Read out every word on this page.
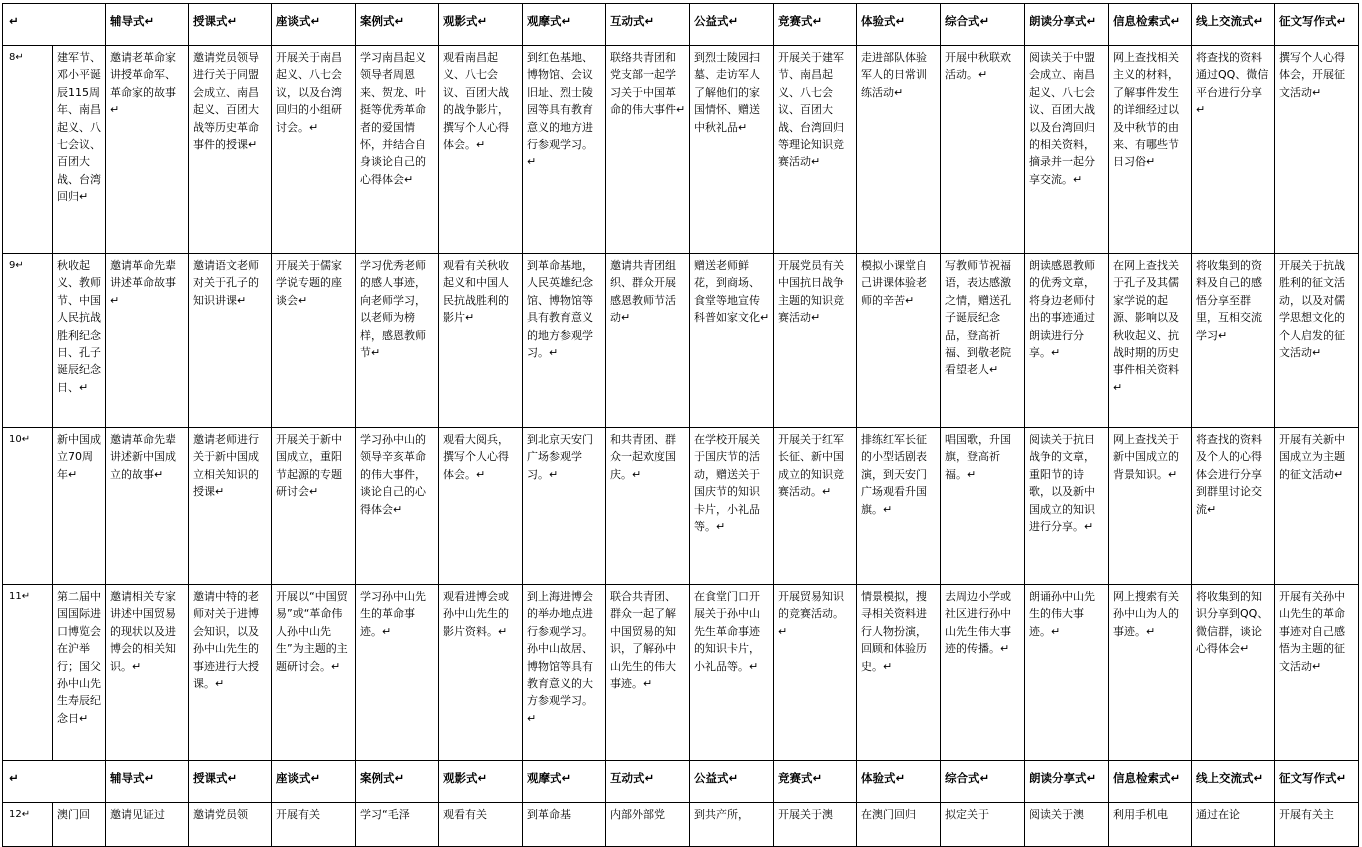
↵		辅导式↵	授课式↵	座谈式↵	案例式↵	观影式↵	观摩式↵	互动式↵	公益式↵	竞赛式↵	体验式↵	综合式↵	朗读分享式↵	信息检索式↵	线上交流式↵	征文写作式↵
8↵	建军节、邓小平诞辰115周年、南昌起义、八七会议、百团大战、台湾回归↵	邀请老革命家讲授革命军、革命家的故事↵	邀请党员领导进行关于同盟会成立、南昌起义、百团大战等历史革命事件的授课↵	开展关于南昌起义、八七会议，以及台湾回归的小组研讨会。↵	学习南昌起义领导者周恩来、贺龙、叶挺等优秀革命者的爱国情怀，并结合自身谈论自己的心得体会↵	观看南昌起义、八七会议、百团大战的战争影片，撰写个人心得体会。↵	到红色基地、博物馆、会议旧址、烈士陵园等具有教育意义的地方进行参观学习。↵	联络共青团和党支部一起学习关于中国革命的伟大事件↵	到烈士陵园扫墓、走访军人了解他们的家国情怀、赠送中秋礼品↵	开展关于建军节、南昌起义、八七会议、百团大战、台湾回归等理论知识竞赛活动↵	走进部队体验军人的日常训练活动↵	开展中秋联欢活动。↵	阅读关于中盟会成立、南昌起义、八七会议、百团大战以及台湾回归的相关资料，摘录并一起分享交流。↵	网上查找相关主义的材料，了解事件发生的详细经过以及中秋节的由来、有哪些节日习俗↵	将查找的资料通过QQ、微信平台进行分享↵	撰写个人心得体会，开展征文活动↵
9↵	秋收起义、教师节、中国人民抗战胜利纪念日、孔子诞辰纪念日、↵	邀请革命先辈讲述革命故事↵	邀请语文老师对关于孔子的知识讲课↵	开展关于儒家学说专题的座谈会↵	学习优秀老师的感人事迹，向老师学习，以老师为榜样，感恩教师节↵	观看有关秋收起义和中国人民抗战胜利的影片↵	到革命基地，人民英雄纪念馆、博物馆等具有教育意义的地方参观学习。↵	邀请共青团组织、群众开展感恩教师节活动↵	赠送老师鲜花，到商场、食堂等地宣传科普如家文化↵	开展党员有关中国抗日战争主题的知识竞赛活动↵	模拟小课堂自己讲课体验老师的辛苦↵	写教师节祝福语，表达感激之情，赠送孔子诞辰纪念品，登高祈福、到敬老院看望老人↵	朗读感恩教师的优秀文章，将身边老师付出的事迹通过朗读进行分享。↵	在网上查找关于孔子及其儒家学说的起源、影响以及秋收起义、抗战时期的历史事件相关资料↵	将收集到的资料及自己的感悟分享至群里，互相交流学习↵	开展关于抗战胜利的征文活动，以及对儒学思想文化的个人启发的征文活动↵
10↵	新中国成立70周年↵	邀请革命先辈讲述新中国成立的故事↵	邀请老师进行关于新中国成立相关知识的授课↵	开展关于新中国成立，重阳节起源的专题研讨会↵	学习孙中山的领导辛亥革命的伟大事件，谈论自己的心得体会↵	观看大阅兵，撰写个人心得体会。↵	到北京天安门广场参观学习。↵	和共青团、群众一起欢度国庆。↵	在学校开展关于国庆节的活动，赠送关于国庆节的知识卡片，小礼品等。↵	开展关于红军长征、新中国成立的知识竞赛活动。↵	排练红军长征的小型话剧表演，到天安门广场观看升国旗。↵	唱国歌，升国旗，登高祈福。↵	阅读关于抗日战争的文章，重阳节的诗歌，以及新中国成立的知识进行分享。↵	网上查找关于新中国成立的背景知识。↵	将查找的资料及个人的心得体会进行分享到群里讨论交流↵	开展有关新中国成立为主题的征文活动↵
11↵	第二届中国国际进口博览会在沪举行；国父孙中山先生寿辰纪念日↵	邀请相关专家讲述中国贸易的现状以及进博会的相关知识。↵	邀请中特的老师对关于进博会知识，以及孙中山先生的事迹进行大授课。↵	开展以“中国贸易”或“革命伟人孙中山先生”为主题的主题研讨会。↵	学习孙中山先生的革命事迹。↵	观看进博会或孙中山先生的影片资料。↵	到上海进博会的举办地点进行参观学习。孙中山故居、博物馆等具有教育意义的大方参观学习。↵	联合共青团、群众一起了解中国贸易的知识，了解孙中山先生的伟大事迹。↵	在食堂门口开展关于孙中山先生革命事迹的知识卡片，小礼品等。↵	开展贸易知识的竞赛活动。↵	情景模拟，搜寻相关资料进行人物扮演，回顾和体验历史。↵	去周边小学或社区进行孙中山先生伟大事迹的传播。↵	朗诵孙中山先生的伟大事迹。↵	网上搜索有关孙中山为人的事迹。↵	将收集到的知识分享到QQ、微信群，谈论心得体会↵	开展有关孙中山先生的革命事迹对自己感悟为主题的征文活动↵
↵		辅导式↵	授课式↵	座谈式↵	案例式↵	观影式↵	观摩式↵	互动式↵	公益式↵	竞赛式↵	体验式↵	综合式↵	朗读分享式↵	信息检索式↵	线上交流式↵	征文写作式↵
12↵	澳门回	邀请见证过	邀请党员领	开展有关	学习“毛泽	观看有关	到革命基	内部外部党	到共产所，	开展关于澳	在澳门回归	拟定关于	阅读关于澳	利用手机电	通过在论	开展有关主
